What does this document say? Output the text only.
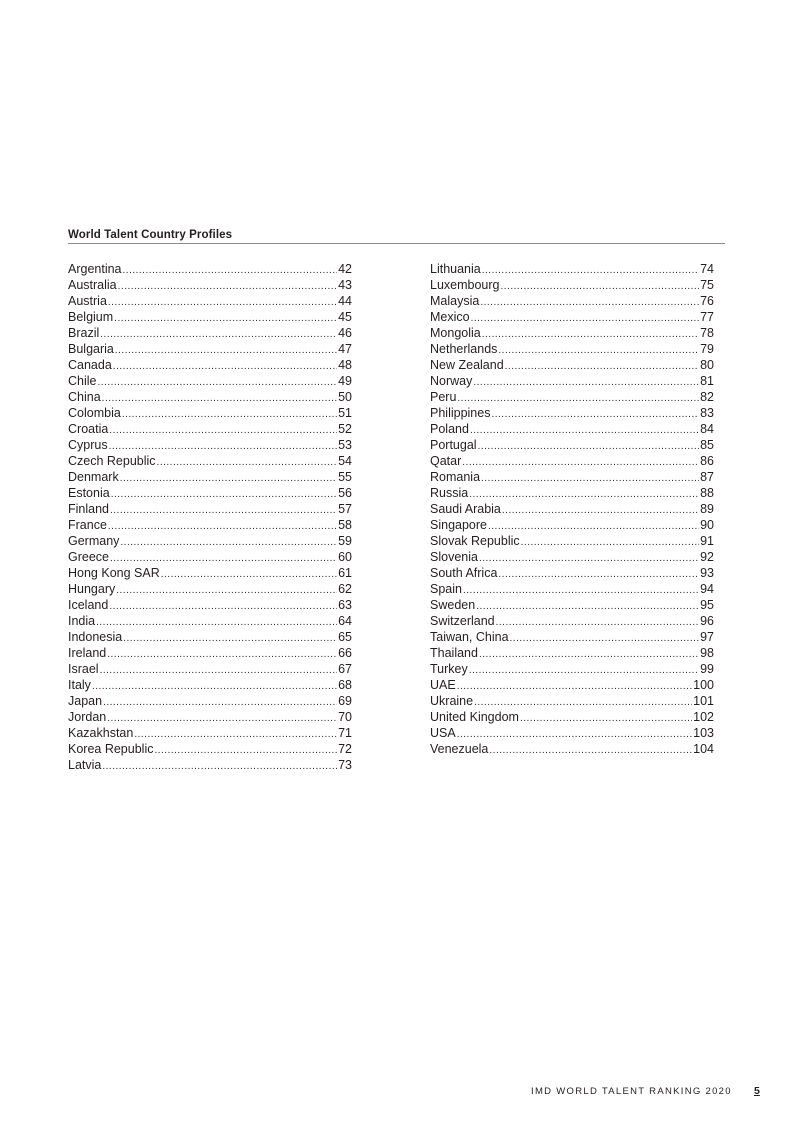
World Talent Country Profiles
Argentina .....	42
Australia .....	43
Austria .....	44
Belgium .....	45
Brazil .....	46
Bulgaria .....	47
Canada .....	48
Chile .....	49
China .....	50
Colombia .....	51
Croatia .....	52
Cyprus .....	53
Czech Republic .....	54
Denmark .....	55
Estonia .....	56
Finland .....	57
France .....	58
Germany .....	59
Greece .....	60
Hong Kong SAR .....	61
Hungary .....	62
Iceland .....	63
India .....	64
Indonesia .....	65
Ireland .....	66
Israel .....	67
Italy .....	68
Japan .....	69
Jordan .....	70
Kazakhstan .....	71
Korea Republic .....	72
Latvia .....	73
Lithuania .....	74
Luxembourg .....	75
Malaysia .....	76
Mexico .....	77
Mongolia .....	78
Netherlands .....	79
New Zealand .....	80
Norway .....	81
Peru .....	82
Philippines .....	83
Poland .....	84
Portugal .....	85
Qatar .....	86
Romania .....	87
Russia .....	88
Saudi Arabia .....	89
Singapore .....	90
Slovak Republic .....	91
Slovenia .....	92
South Africa .....	93
Spain .....	94
Sweden .....	95
Switzerland .....	96
Taiwan, China .....	97
Thailand .....	98
Turkey .....	99
UAE .....	100
Ukraine .....	101
United Kingdom .....	102
USA .....	103
Venezuela .....	104
IMD WORLD TALENT RANKING 2020 5
